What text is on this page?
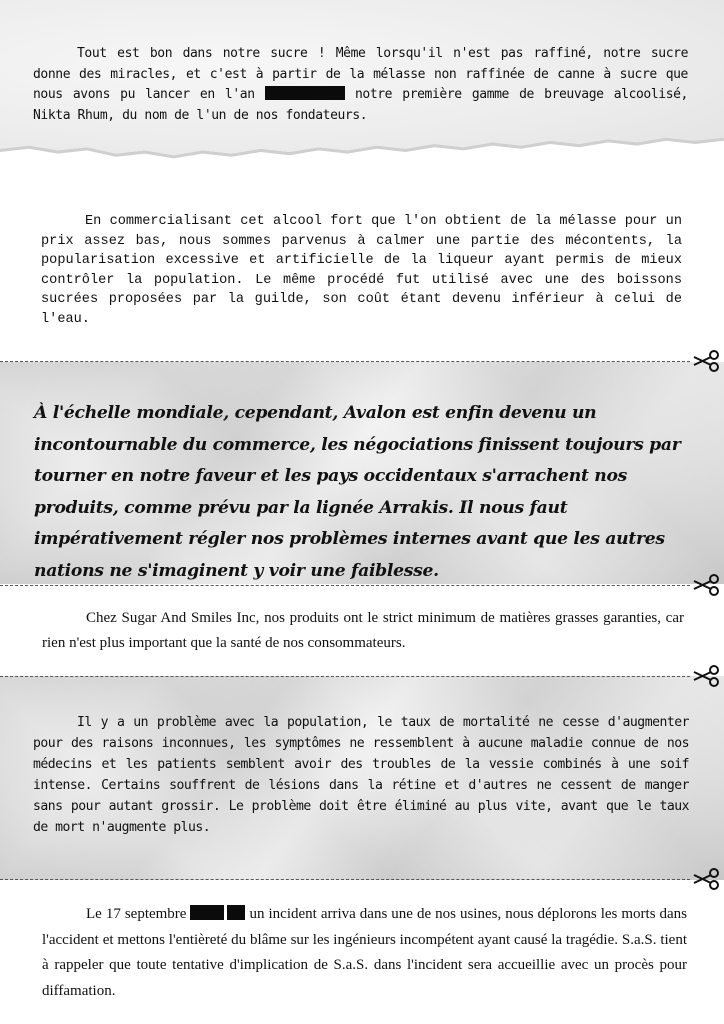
Tout est bon dans notre sucre ! Même lorsqu'il n'est pas raffiné, notre sucre donne des miracles, et c'est à partir de la mélasse non raffinée de canne à sucre que nous avons pu lancer en l'an	notre première gamme de breuvage alcoolisé, Nikta Rhum, du nom de l'un de nos fondateurs.

En commercialisant cet alcool fort que l'on obtient de la mélasse pour un prix assez bas, nous sommes parvenus à calmer une partie des mécontents, la popularisation excessive et artificielle de la liqueur ayant permis de mieux contrôler la population. Le même procédé fut utilisé avec une des boissons sucrées proposées par la guilde, son coût étant devenu inférieur à celui de l'eau.

À l'échelle mondiale, cependant, Avalon est enfin devenu un incontournable du commerce, les négociations finissent toujours par tourner en notre faveur et les pays occidentaux s'arrachent nos produits, comme prévu par la lignée Arrakis. Il nous faut impérativement régler nos problèmes internes avant que les autres nations ne s'imaginent y voir une faiblesse.

Chez Sugar And Smiles Inc, nos produits ont le strict minimum de matières grasses garanties, car rien n'est plus important que la santé de nos consommateurs.

Il y a un problème avec la population, le taux de mortalité ne cesse d'augmenter pour des raisons inconnues, les symptômes ne ressemblent à aucune maladie connue de nos médecins et les patients semblent avoir des troubles de la vessie combinés à une soif intense. Certains souffrent de lésions dans la rétine et d'autres ne cessent de manger sans pour autant grossir. Le problème doit être éliminé au plus vite, avant que le taux de mort n'augmente plus.

Le 17 septembre	un incident arriva dans une de nos usines, nous déplorons les morts dans l'accident et mettons l'entièreté du blâme sur les ingénieurs incompétent ayant causé la tragédie. S.a.S. tient à rappeler que toute tentative d'implication de S.a.S. dans l'incident sera accueillie avec un procès pour diffamation.
